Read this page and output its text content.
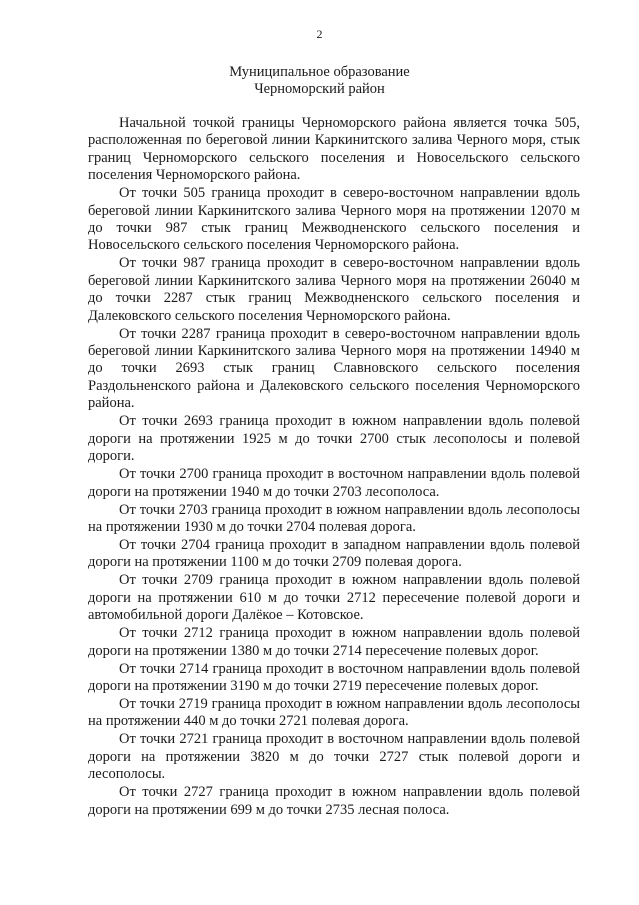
2
Муниципальное образование
Черноморский район

Начальной точкой границы Черноморского района является точка 505, расположенная по береговой линии Каркинитского залива Черного моря, стык границ Черноморского сельского поселения и Новосельского сельского поселения Черноморского района.

От точки 505 граница проходит в северо-восточном направлении вдоль береговой линии Каркинитского залива Черного моря на протяжении 12070 м до точки 987 стык границ Межводненского сельского поселения и Новосельского сельского поселения Черноморского района.

От точки 987 граница проходит в северо-восточном направлении вдоль береговой линии Каркинитского залива Черного моря на протяжении 26040 м до точки 2287 стык границ Межводненского сельского поселения и Далековского сельского поселения Черноморского района.

От точки 2287 граница проходит в северо-восточном направлении вдоль береговой линии Каркинитского залива Черного моря на протяжении 14940 м до точки 2693 стык границ Славновского сельского поселения Раздольненского района и Далековского сельского поселения Черноморского района.

От точки 2693 граница проходит в южном направлении вдоль полевой дороги на протяжении 1925 м до точки 2700 стык лесополосы и полевой дороги.

От точки 2700 граница проходит в восточном направлении вдоль полевой дороги на протяжении 1940 м до точки 2703 лесополоса.

От точки 2703 граница проходит в южном направлении вдоль лесополосы на протяжении 1930 м до точки 2704 полевая дорога.

От точки 2704 граница проходит в западном направлении вдоль полевой дороги на протяжении 1100 м до точки 2709 полевая дорога.

От точки 2709 граница проходит в южном направлении вдоль полевой дороги на протяжении 610 м до точки 2712 пересечение полевой дороги и автомобильной дороги Далёкое – Котовское.

От точки 2712 граница проходит в южном направлении вдоль полевой дороги на протяжении 1380 м до точки 2714 пересечение полевых дорог.

От точки 2714 граница проходит в восточном направлении вдоль полевой дороги на протяжении 3190 м до точки 2719 пересечение полевых дорог.

От точки 2719 граница проходит в южном направлении вдоль лесополосы на протяжении 440 м до точки 2721 полевая дорога.

От точки 2721 граница проходит в восточном направлении вдоль полевой дороги на протяжении 3820 м до точки 2727 стык полевой дороги и лесополосы.

От точки 2727 граница проходит в южном направлении вдоль полевой дороги на протяжении 699 м до точки 2735 лесная полоса.
